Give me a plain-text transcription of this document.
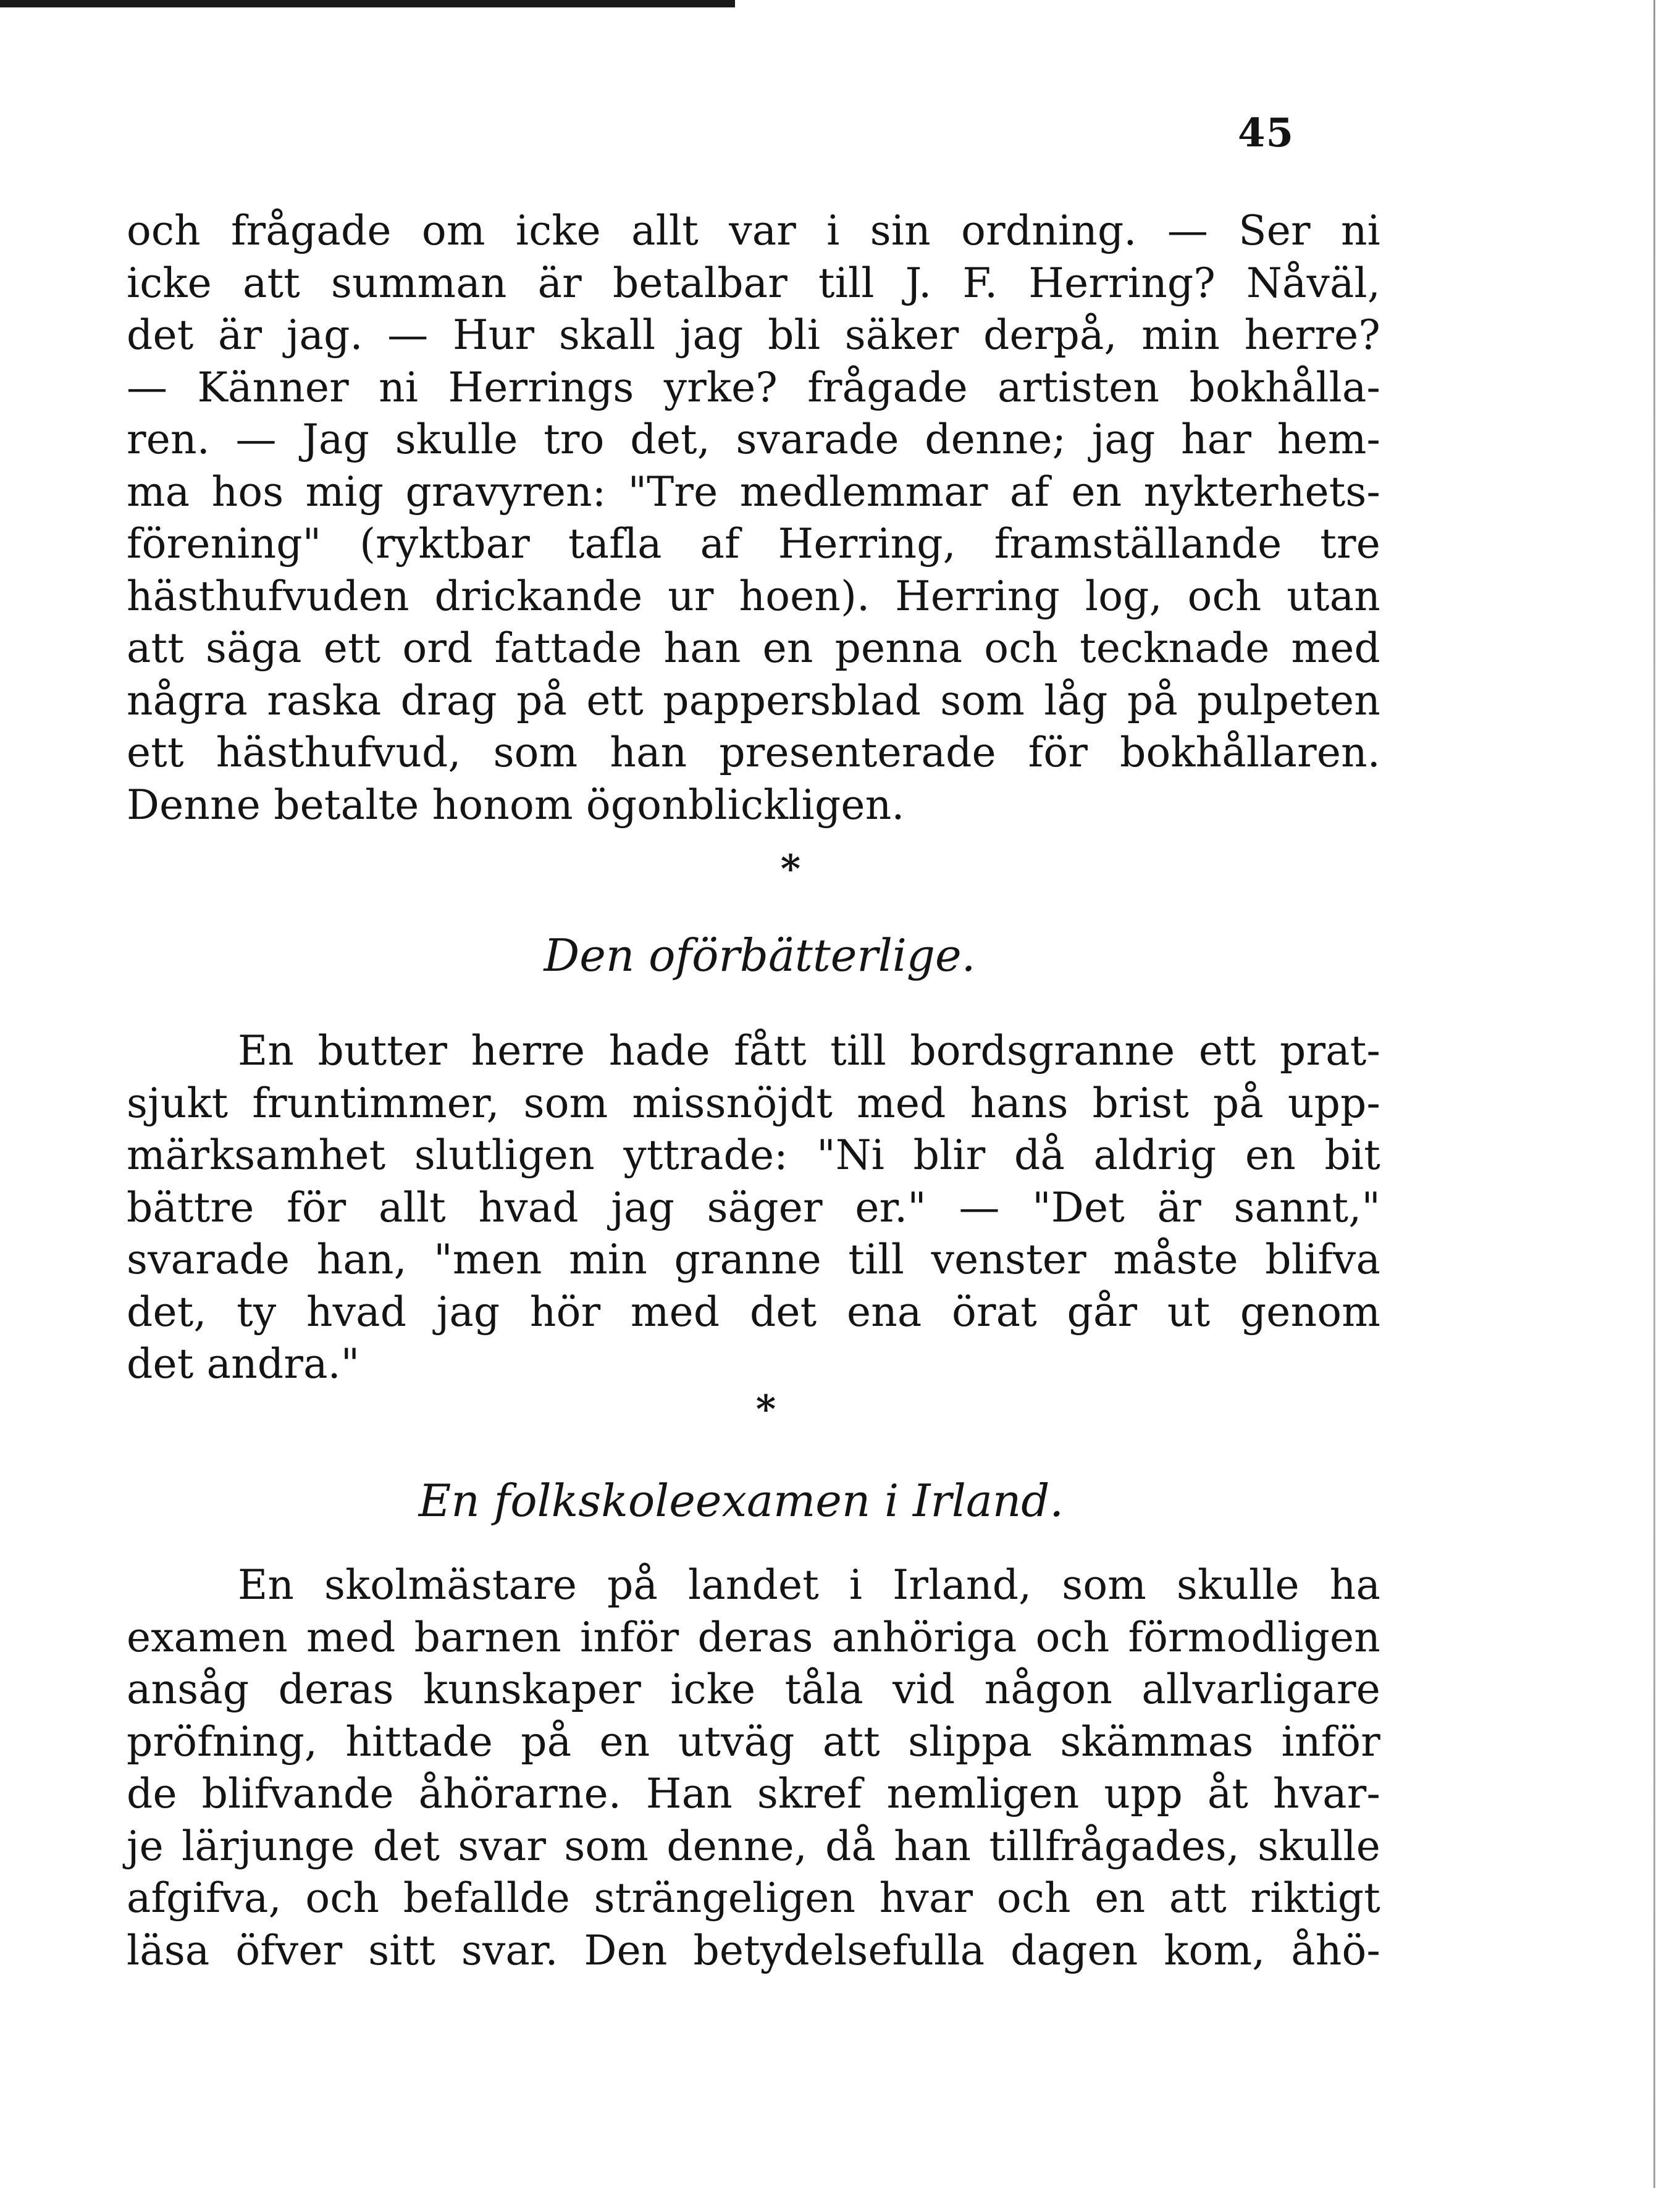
45
och frågade om icke allt var i sin ordning. — Ser ni
icke att summan är betalbar till J. F. Herring? Nåväl,
det är jag. — Hur skall jag bli säker derpå, min herre?
— Känner ni Herrings yrke? frågade artisten bokhålla-
ren. — Jag skulle tro det, svarade denne; jag har hem-
ma hos mig gravyren: "Tre medlemmar af en nykterhets-
förening" (ryktbar tafla af Herring, framställande tre
hästhufvuden drickande ur hoen). Herring log, och utan
att säga ett ord fattade han en penna och tecknade med
några raska drag på ett pappersblad som låg på pulpeten
ett hästhufvud, som han presenterade för bokhållaren.
Denne betalte honom ögonblickligen.
*
Den oförbätterlige.
En butter herre hade fått till bordsgranne ett prat-
sjukt fruntimmer, som missnöjdt med hans brist på upp-
märksamhet slutligen yttrade: "Ni blir då aldrig en bit
bättre för allt hvad jag säger er." — "Det är sannt,"
svarade han, "men min granne till venster måste blifva
det, ty hvad jag hör med det ena örat går ut genom
det andra."
*
En folkskoleexamen i Irland.
En skolmästare på landet i Irland, som skulle ha
examen med barnen inför deras anhöriga och förmodligen
ansåg deras kunskaper icke tåla vid någon allvarligare
pröfning, hittade på en utväg att slippa skämmas inför
de blifvande åhörarne. Han skref nemligen upp åt hvar-
je lärjunge det svar som denne, då han tillfrågades, skulle
afgifva, och befallde strängeligen hvar och en att riktigt
läsa öfver sitt svar. Den betydelsefulla dagen kom, åhö-
